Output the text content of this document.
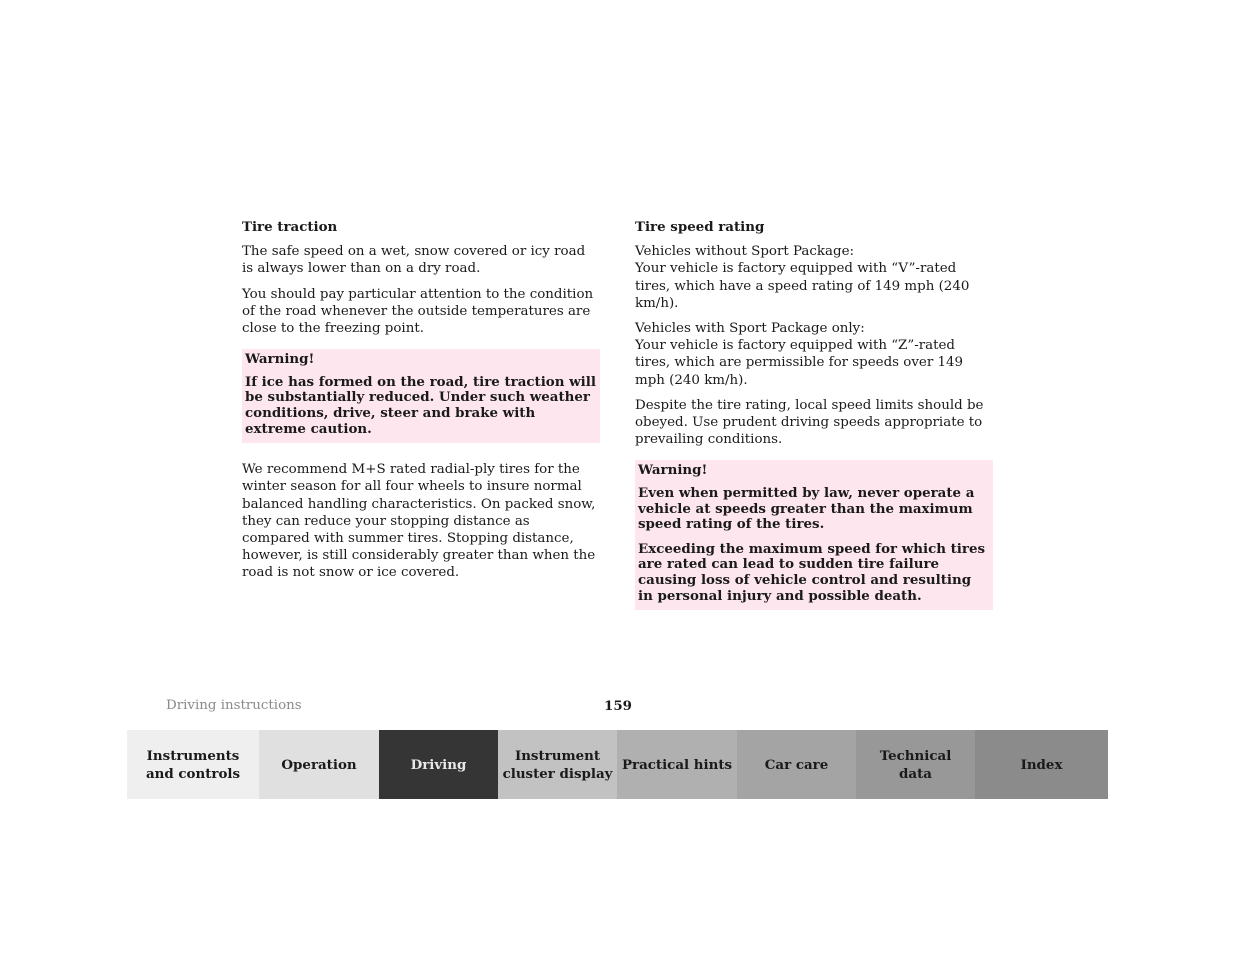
Tire traction

The safe speed on a wet, snow covered or icy road is always lower than on a dry road.

You should pay particular attention to the condition of the road whenever the outside temperatures are close to the freezing point.

Warning!
If ice has formed on the road, tire traction will be substantially reduced. Under such weather conditions, drive, steer and brake with extreme caution.

We recommend M+S rated radial-ply tires for the winter season for all four wheels to insure normal balanced handling characteristics. On packed snow, they can reduce your stopping distance as compared with summer tires. Stopping distance, however, is still considerably greater than when the road is not snow or ice covered.

Tire speed rating

Vehicles without Sport Package:
Your vehicle is factory equipped with “V”-rated tires, which have a speed rating of 149 mph (240 km/h).

Vehicles with Sport Package only:
Your vehicle is factory equipped with “Z”-rated tires, which are permissible for speeds over 149 mph (240 km/h).

Despite the tire rating, local speed limits should be obeyed. Use prudent driving speeds appropriate to prevailing conditions.

Warning!
Even when permitted by law, never operate a vehicle at speeds greater than the maximum speed rating of the tires.
Exceeding the maximum speed for which tires are rated can lead to sudden tire failure causing loss of vehicle control and resulting in personal injury and possible death.
Driving instructions	159
Instruments
and controls
Operation	Driving
Instrument
cluster display
Practical hints	Car care
Technical
data
Index
